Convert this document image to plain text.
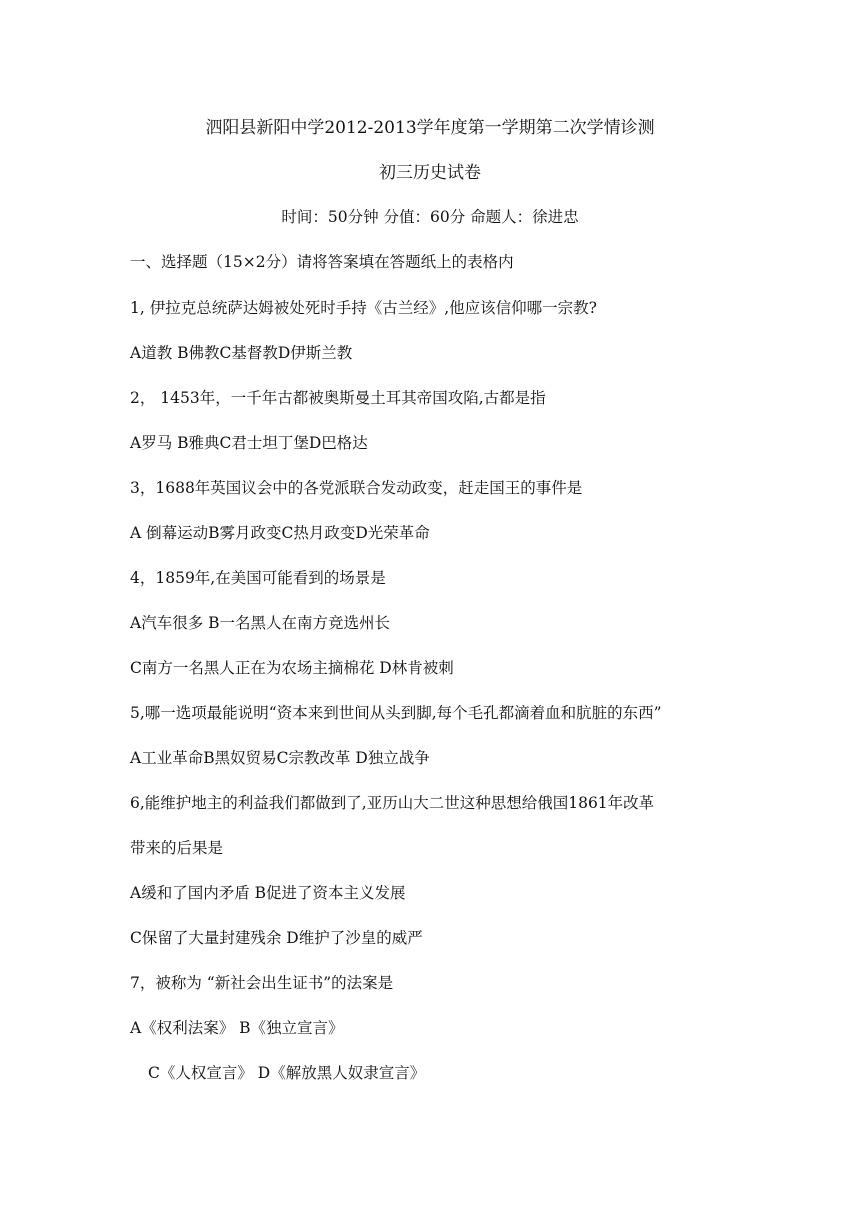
泗阳县新阳中学2012-2013学年度第一学期第二次学情诊测
初三历史试卷
时间：50分钟 分值：60分 命题人：徐进忠
一、选择题（15×2分）请将答案填在答题纸上的表格内
1, 伊拉克总统萨达姆被处死时手持《古兰经》,他应该信仰哪一宗教?
A道教 B佛教C基督教D伊斯兰教
2， 1453年，一千年古都被奥斯曼土耳其帝国攻陷,古都是指
A罗马 B雅典C君士坦丁堡D巴格达
3，1688年英国议会中的各党派联合发动政变，赶走国王的事件是
A 倒幕运动B雾月政变C热月政变D光荣革命
4，1859年,在美国可能看到的场景是
A汽车很多 B一名黑人在南方竞选州长
C南方一名黑人正在为农场主摘棉花 D林肯被刺
5,哪一选项最能说明“资本来到世间从头到脚,每个毛孔都滴着血和肮脏的东西”
A工业革命B黑奴贸易C宗教改革 D独立战争
6,能维护地主的利益我们都做到了,亚历山大二世这种思想给俄国1861年改革
带来的后果是
A缓和了国内矛盾 B促进了资本主义发展
C保留了大量封建残余 D维护了沙皇的威严
7，被称为 “新社会出生证书”的法案是
A《权利法案》 B《独立宣言》
C《人权宣言》 D《解放黑人奴隶宣言》
